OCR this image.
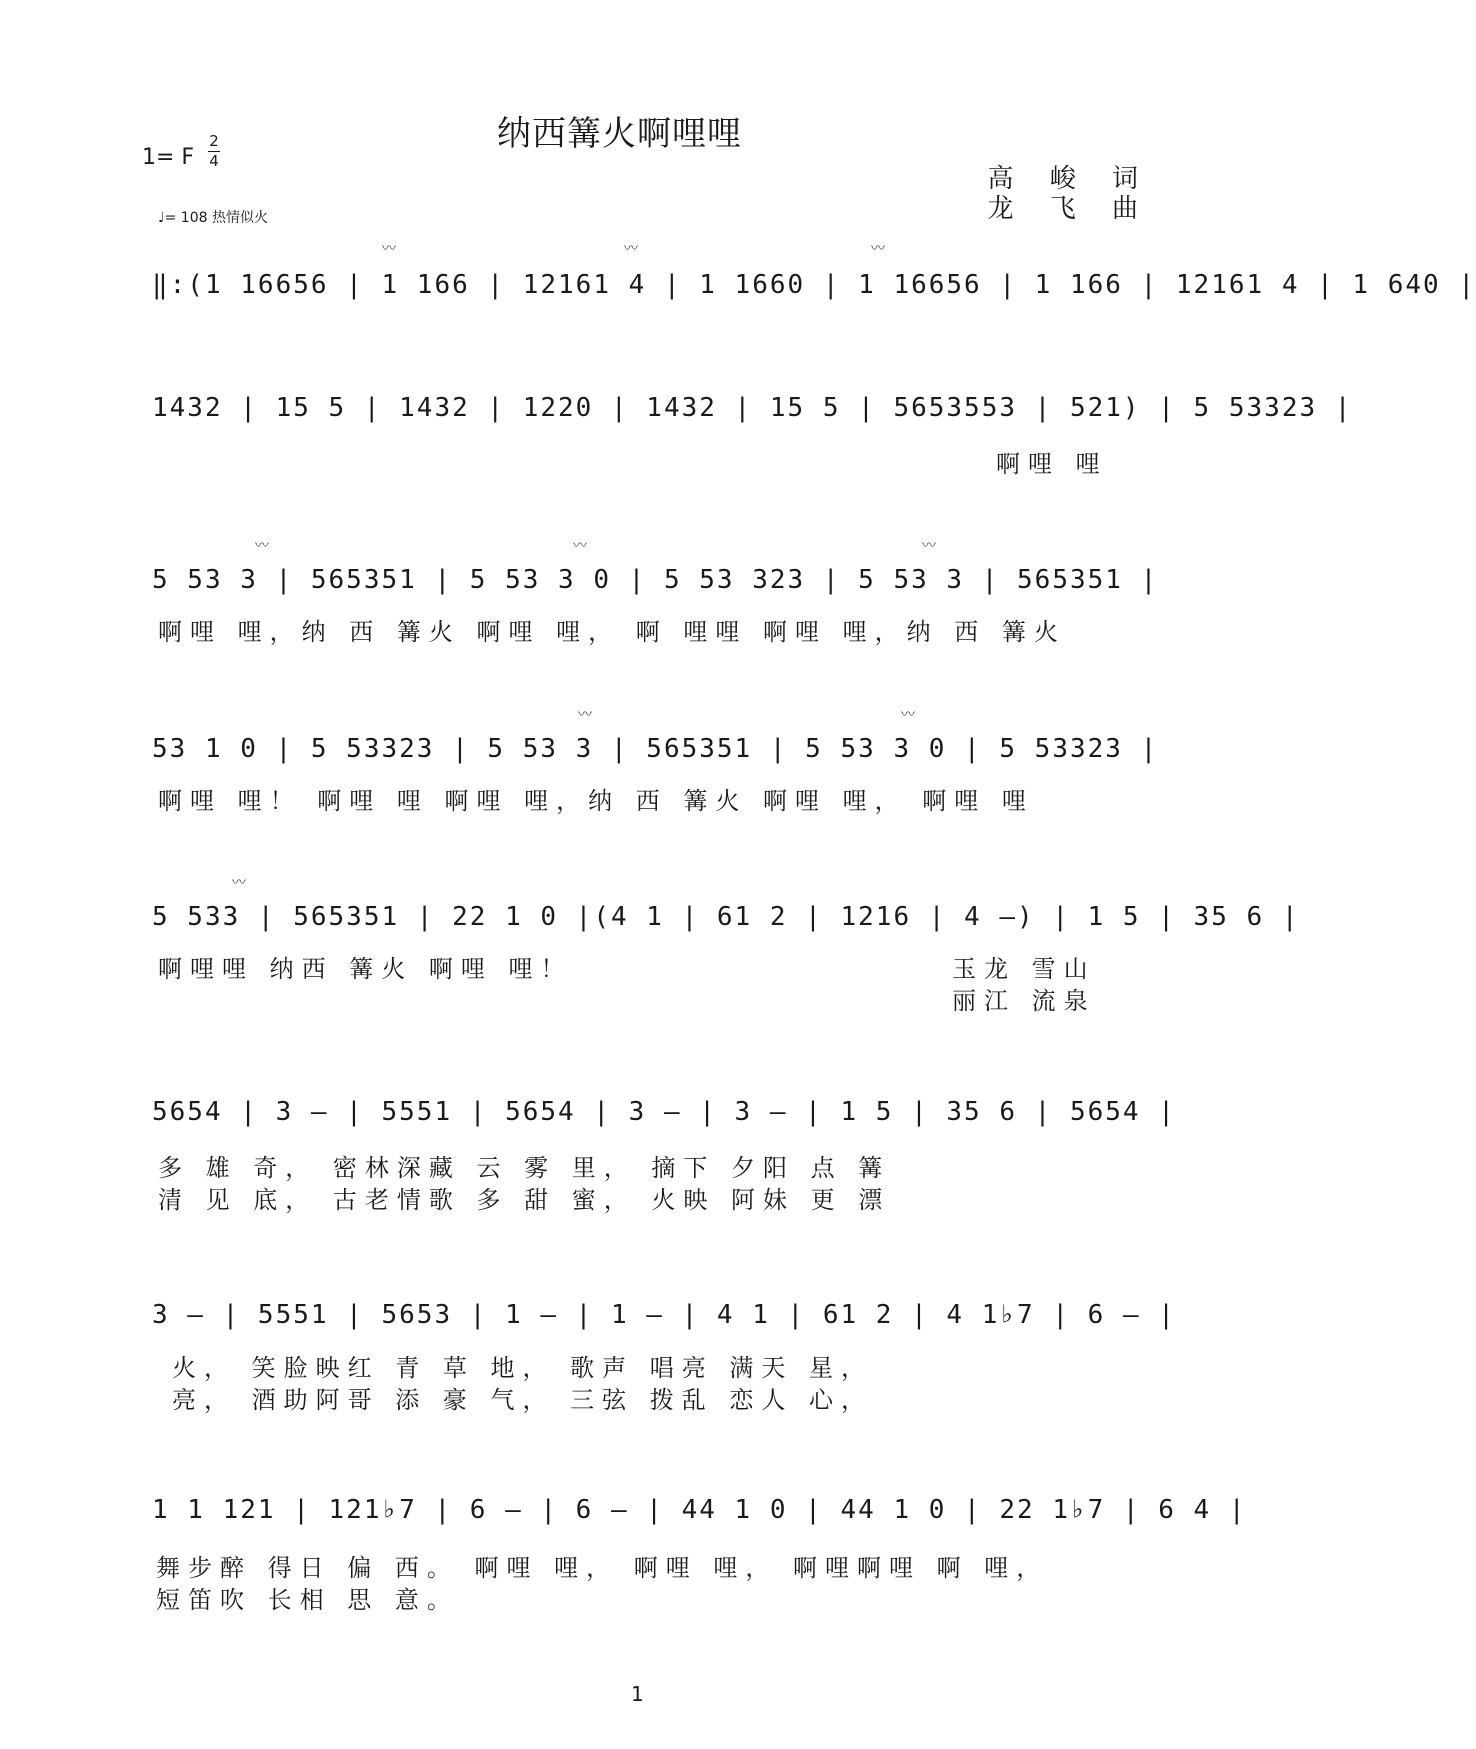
纳西篝火啊哩哩
1= F
2
4
♩= 108 热情似火
高 峻 词
龙 飞 曲
〰	〰	〰
‖:(1 16656 | 1 166 | 12161 4 | 1 1660 | 1 16656 | 1 166 | 12161 4 | 1 640 |
1432 | 15 5 | 1432 | 1220 | 1432 | 15 5 | 5653553 | 521) | 5 53323 |
啊哩 哩
〰	〰	〰
5 53 3 | 565351 | 5 53 3 0 | 5 53 323 | 5 53 3 | 565351 |
啊哩 哩，纳 西 篝火 啊哩 哩， 啊 哩哩 啊哩 哩，纳 西 篝火
〰	〰
53 1 0 | 5 53323 | 5 53 3 | 565351 | 5 53 3 0 | 5 53323 |
啊哩 哩！ 啊哩 哩 啊哩 哩，纳 西 篝火 啊哩 哩， 啊哩 哩
〰
5 533 | 565351 | 22 1 0 |(4 1 | 61 2 | 1216 | 4 –) | 1 5 | 35 6 |
啊哩哩 纳西 篝火 啊哩 哩！	玉龙 雪山
丽江 流泉
5654 | 3 – | 5551 | 5654 | 3 – | 3 – | 1 5 | 35 6 | 5654 |
多 雄 奇， 密林深藏 云 雾 里， 摘下 夕阳 点 篝
清 见 底， 古老情歌 多 甜 蜜， 火映 阿妹 更 漂
3 – | 5551 | 5653 | 1 – | 1 – | 4 1 | 61 2 | 4 1♭7 | 6 – |
火， 笑脸映红 青 草 地， 歌声 唱亮 满天 星，
亮， 酒助阿哥 添 豪 气， 三弦 拨乱 恋人 心，
1 1 121 | 121♭7 | 6 – | 6 – | 44 1 0 | 44 1 0 | 22 1♭7 | 6 4 |
舞步醉 得日 偏 西。 啊哩 哩， 啊哩 哩， 啊哩啊哩 啊 哩，
短笛吹 长相 思 意。
1
